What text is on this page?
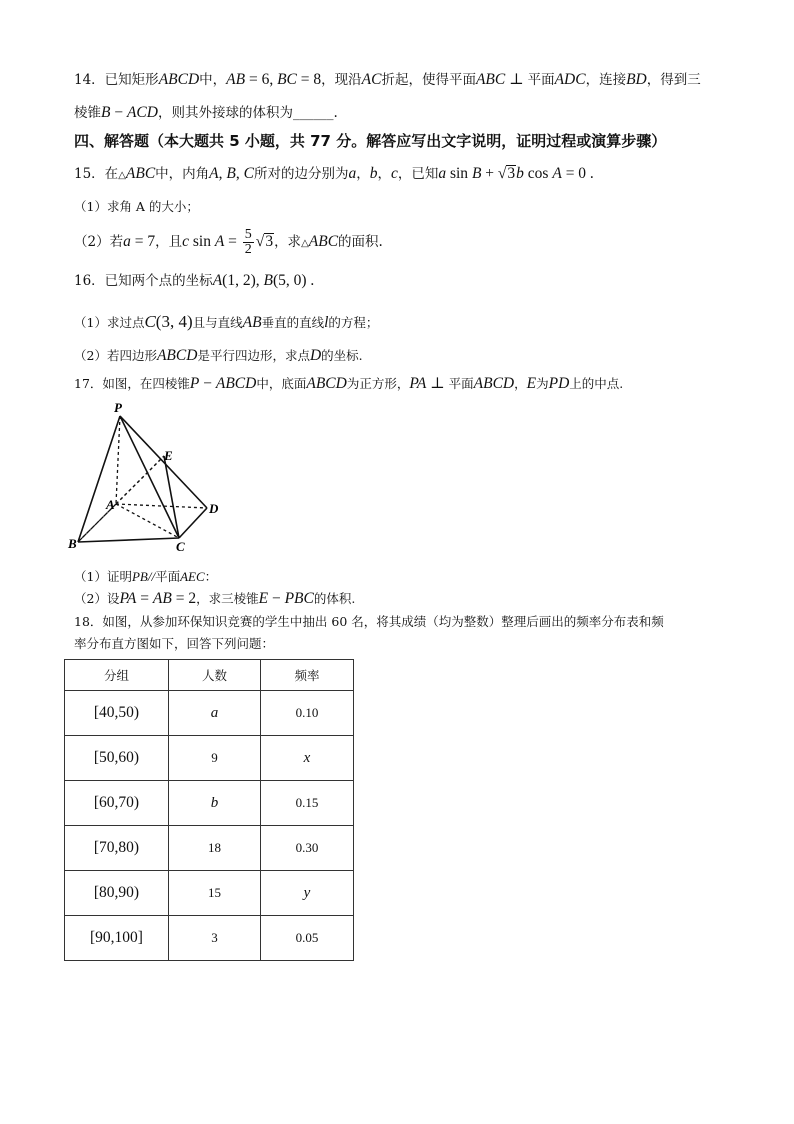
14．已知矩形ABCD中，AB = 6, BC = 8，现沿AC折起，使得平面ABC ⊥ 平面ADC，连接BD，得到三
棱锥B − ACD，则其外接球的体积为______.
四、解答题（本大题共 5 小题，共 77 分。解答应写出文字说明，证明过程或演算步骤）
15．在△ABC中，内角A, B, C所对的边分别为a，b，c，已知a sin B + √3b cos A = 0 .
（1）求角 A 的大小；
（2）若a = 7，且c $\sin A = \frac{5}{2} √3$，求△ABC的面积.
16．已知两个点的坐标A(1, 2), B(5, 0) .
（1）求过点C(3, 4)且与直线AB垂直的直线l的方程；
（2）若四边形ABCD是平行四边形，求点D的坐标.
17．如图，在四棱锥P − ABCD中，底面ABCD为正方形，PA ⊥ 平面ABCD，E为PD上的中点.
P
E
A	D
B	C
（1）证明PB//平面AEC：
（2）设PA = AB = 2，求三棱锥E − PBC的体积.
18．如图，从参加环保知识竞赛的学生中抽出 60 名，将其成绩（均为整数）整理后画出的频率分布表和频
率分布直方图如下，回答下列问题：
分组	人数	频率
[40,50)	a	0.10
[50,60)	9	x
[60,70)	b	0.15
[70,80)	18	0.30
[80,90)	15	y
[90,100]	3	0.05
